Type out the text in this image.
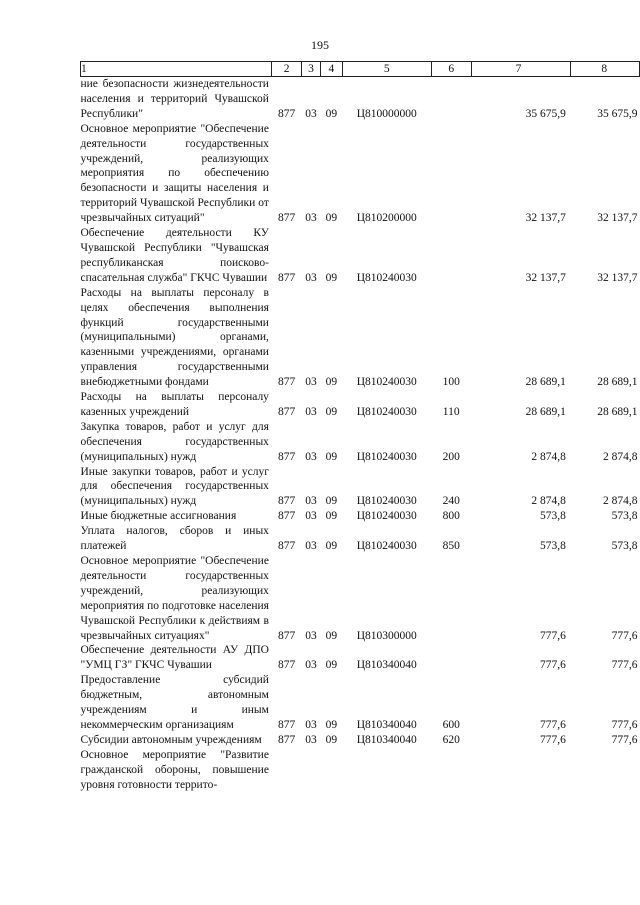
195
1	2	3	4	5	6	7	8
ние безопасности жизнедеятельности населения и территорий Чувашской Республики"	877	03	09	Ц810000000		35 675,9	35 675,9
Основное мероприятие "Обеспечение деятельности государственных учреждений, реализующих мероприятия по обеспечению безопасности и защиты населения и территорий Чувашской Республики от чрезвычайных ситуаций"	877	03	09	Ц810200000		32 137,7	32 137,7
Обеспечение деятельности КУ Чувашской Республики "Чувашская республиканская поисково-спасательная служба" ГКЧС Чувашии	877	03	09	Ц810240030		32 137,7	32 137,7
Расходы на выплаты персоналу в целях обеспечения выполнения функций государственными (муниципальными) органами, казенными учреждениями, органами управления государственными внебюджетными фондами	877	03	09	Ц810240030	100	28 689,1	28 689,1
Расходы на выплаты персоналу казенных учреждений	877	03	09	Ц810240030	110	28 689,1	28 689,1
Закупка товаров, работ и услуг для обеспечения государственных (муниципальных) нужд	877	03	09	Ц810240030	200	2 874,8	2 874,8
Иные закупки товаров, работ и услуг для обеспечения государственных (муниципальных) нужд	877	03	09	Ц810240030	240	2 874,8	2 874,8
Иные бюджетные ассигнования	877	03	09	Ц810240030	800	573,8	573,8
Уплата налогов, сборов и иных платежей	877	03	09	Ц810240030	850	573,8	573,8
Основное мероприятие "Обеспечение деятельности государственных учреждений, реализующих мероприятия по подготовке населения Чувашской Республики к действиям в чрезвычайных ситуациях"	877	03	09	Ц810300000		777,6	777,6
Обеспечение деятельности АУ ДПО "УМЦ ГЗ" ГКЧС Чувашии	877	03	09	Ц810340040		777,6	777,6
Предоставление субсидий бюджетным, автономным учреждениям и иным некоммерческим организациям	877	03	09	Ц810340040	600	777,6	777,6
Субсидии автономным учреждениям	877	03	09	Ц810340040	620	777,6	777,6
Основное мероприятие "Развитие гражданской обороны, повышение уровня готовности террито-							
